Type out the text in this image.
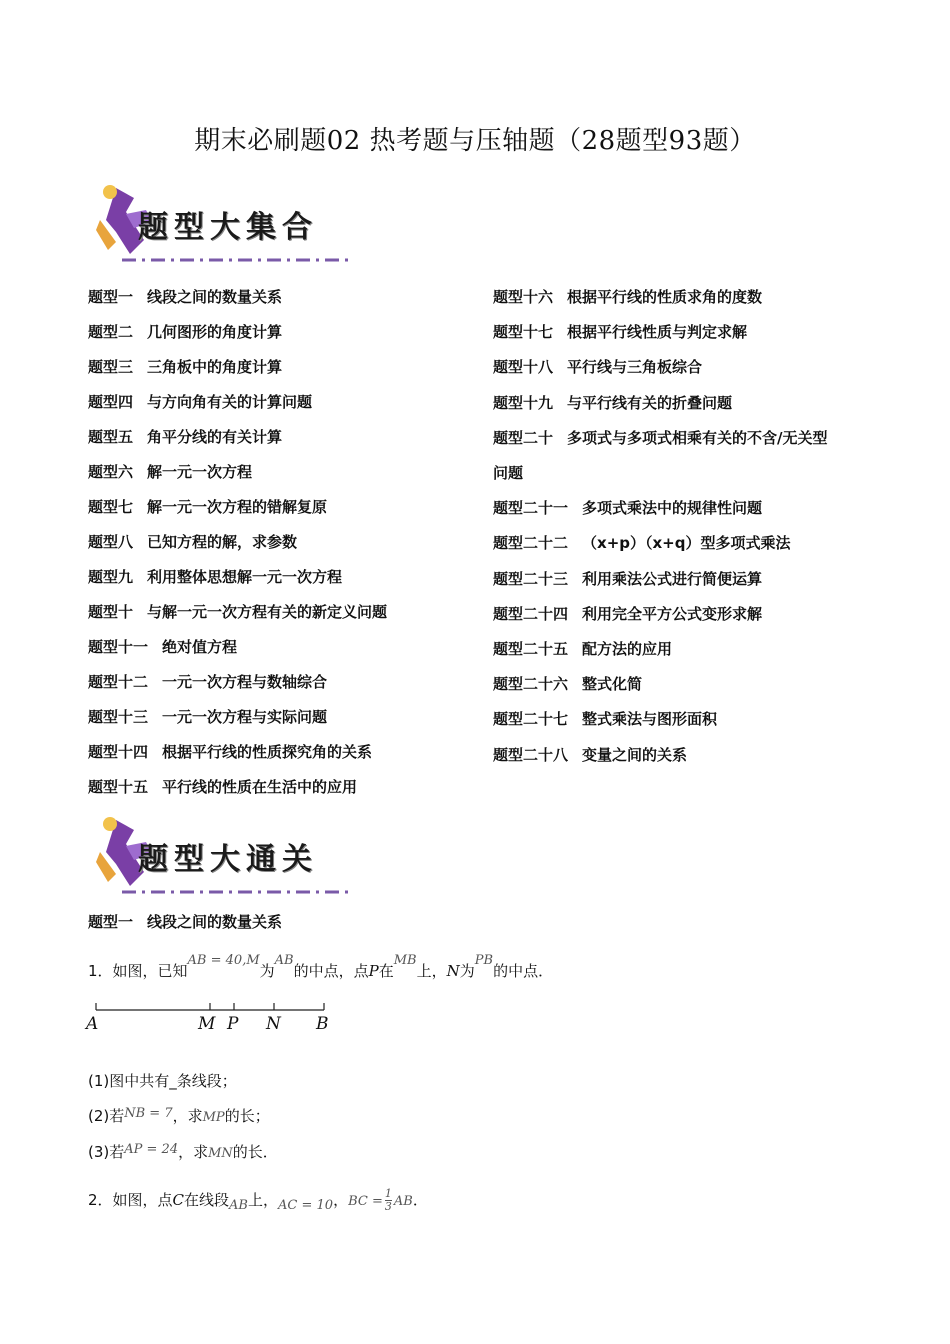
期末必刷题02 热考题与压轴题（28题型93题）
题型大集合
题型一 线段之间的数量关系
题型二 几何图形的角度计算
题型三 三角板中的角度计算
题型四 与方向角有关的计算问题
题型五 角平分线的有关计算
题型六 解一元一次方程
题型七 解一元一次方程的错解复原
题型八 已知方程的解，求参数
题型九 利用整体思想解一元一次方程
题型十 与解一元一次方程有关的新定义问题
题型十一 绝对值方程
题型十二 一元一次方程与数轴综合
题型十三 一元一次方程与实际问题
题型十四 根据平行线的性质探究角的关系
题型十五 平行线的性质在生活中的应用
题型十六 根据平行线的性质求角的度数
题型十七 根据平行线性质与判定求解
题型十八 平行线与三角板综合
题型十九 与平行线有关的折叠问题
题型二十 多项式与多项式相乘有关的不含/无关型
问题
题型二十一 多项式乘法中的规律性问题
题型二十二 （x+p）（x+q）型多项式乘法
题型二十三 利用乘法公式进行简便运算
题型二十四 利用完全平方公式变形求解
题型二十五 配方法的应用
题型二十六 整式化简
题型二十七 整式乘法与图形面积
题型二十八 变量之间的关系
题型大通关
题型一 线段之间的数量关系
1．如图，已知AB = 40,M为AB的中点，点P在MB上，N为PB的中点．
A	M P N B
(1)图中共有_条线段；
(2)若NB = 7，求MP的长；
(3)若AP = 24，求MN的长．
2．如图，点C在线段AB上，AC = 10，BC = $\frac{1}{3}$ AB．
